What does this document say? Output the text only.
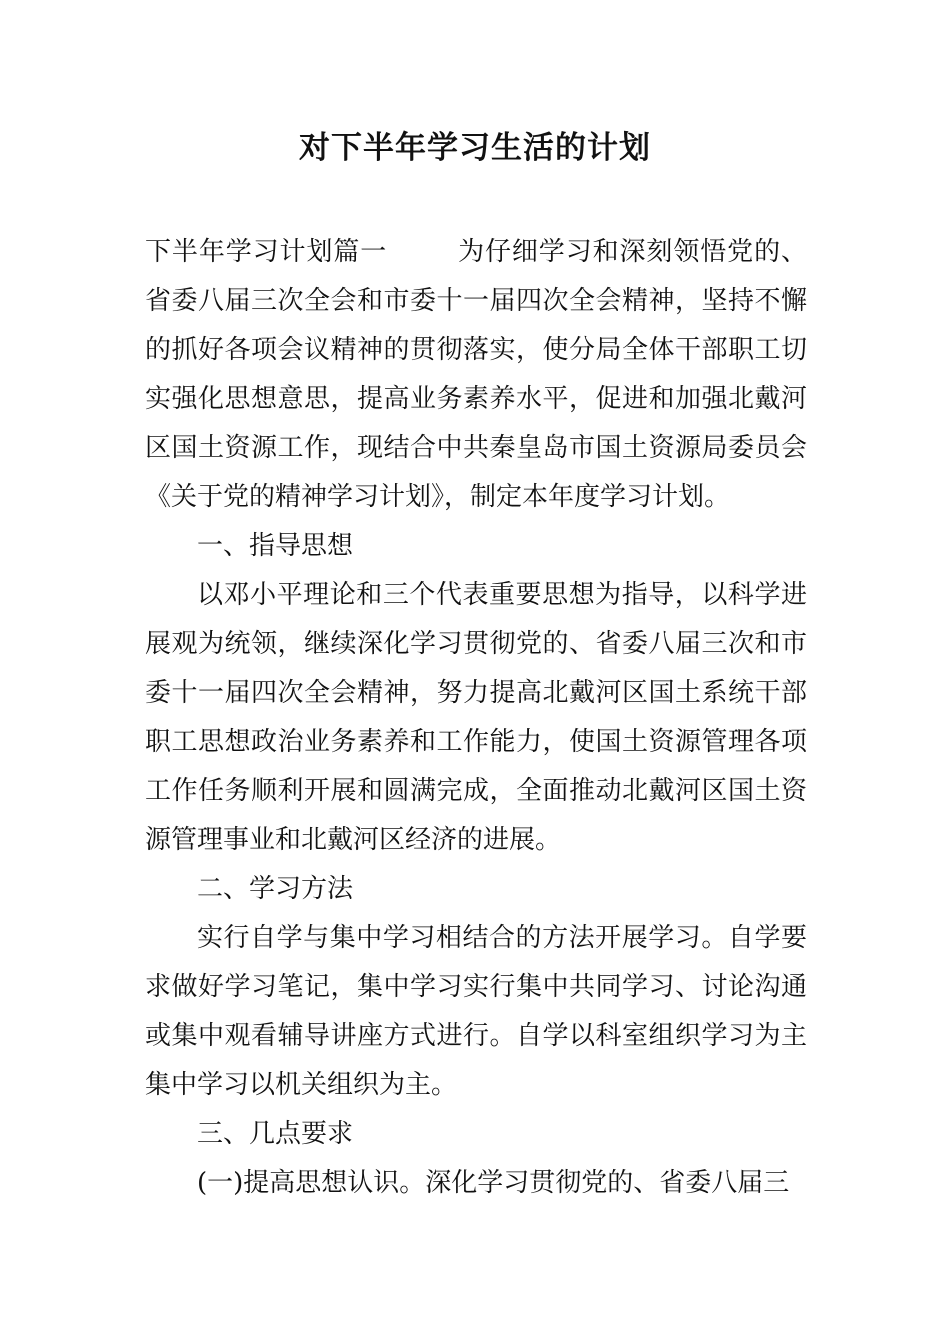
对下半年学习生活的计划

下半年学习计划篇一	为仔细学习和深刻领悟党的、省委八届三次全会和市委十一届四次全会精神，坚持不懈的抓好各项会议精神的贯彻落实，使分局全体干部职工切实强化思想意思，提高业务素养水平，促进和加强北戴河区国土资源工作，现结合中共秦皇岛市国土资源局委员会《关于党的精神学习计划》，制定本年度学习计划。

一、指导思想

以邓小平理论和三个代表重要思想为指导，以科学进展观为统领，继续深化学习贯彻党的、省委八届三次和市委十一届四次全会精神，努力提高北戴河区国土系统干部职工思想政治业务素养和工作能力，使国土资源管理各项工作任务顺利开展和圆满完成，全面推动北戴河区国土资源管理事业和北戴河区经济的进展。

二、学习方法

实行自学与集中学习相结合的方法开展学习。自学要求做好学习笔记，集中学习实行集中共同学习、讨论沟通或集中观看辅导讲座方式进行。自学以科室组织学习为主集中学习以机关组织为主。

三、几点要求

(一)提高思想认识。深化学习贯彻党的、省委八届三
